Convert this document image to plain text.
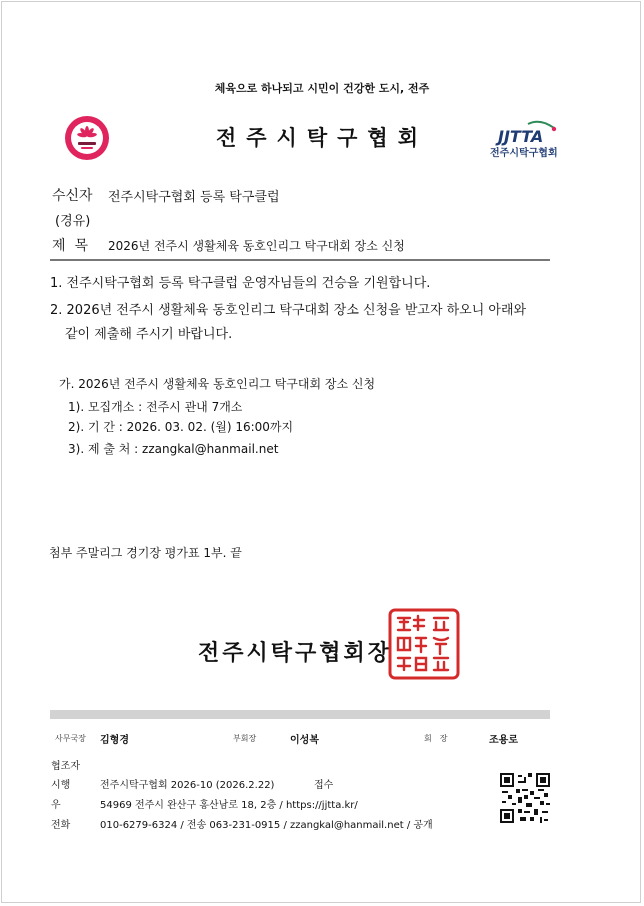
체육으로 하나되고 시민이 건강한 도시, 전주
전주시탁구협회	JJTTA
전주시탁구협회
수신자 전주시탁구협회 등록 탁구클럽
(경유)
제목 2026년 전주시 생활체육 동호인리그 탁구대회 장소 신청
1. 전주시탁구협회 등록 탁구클럽 운영자님들의 건승을 기원합니다.
2. 2026년 전주시 생활체육 동호인리그 탁구대회 장소 신청을 받고자 하오니 아래와
같이 제출해 주시기 바랍니다.
가. 2026년 전주시 생활체육 동호인리그 탁구대회 장소 신청
1). 모집개소 : 전주시 관내 7개소
2). 기 간 : 2026. 03. 02. (월) 16:00까지
3). 제 출 처 : zzangkal@hanmail.net
첨부 주말리그 경기장 평가표 1부. 끝
전주시탁구협회장
사무국장 김형경	부회장	이성복	회장	조용로
협조자
시행	전주시탁구협회 2026-10 (2026.2.22)	접수
우	54969 전주시 완산구 홍산남로 18, 2층 / https://jjtta.kr/
전화	010-6279-6324 / 전송 063-231-0915 / zzangkal@hanmail.net / 공개
